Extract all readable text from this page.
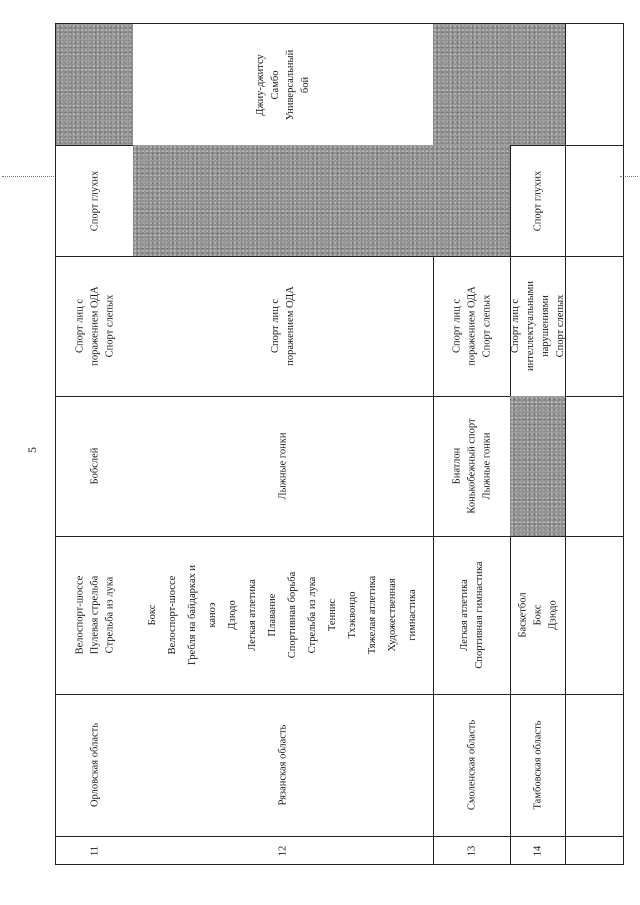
5
Спорт глухих
Спорт лиц с поражением ОДА Спорт слепых
Бобслей
Велоспорт-шоссе Пулевая стрельба Стрельба из лука
Орловская область
11
Джиу-джитсу Самбо Универсальный бой
Спорт лиц с поражением ОДА
Лыжные гонки
Бокс Велоспорт-шоссе Гребля на байдарках и каноэ Дзюдо Легкая атлетика Плавание Спортивная борьба Стрельба из лука Теннис Тхэквондо Тяжелая атлетика Художественная гимнастика
Рязанская область
12
Спорт лиц с поражением ОДА Спорт слепых
Биатлон Конькобежный спорт Лыжные гонки
Легкая атлетика Спортивная гимнастика
Смоленская область
13
Спорт глухих
Спорт лиц с интеллектуальными нарушениями Спорт слепых
Баскетбол Бокс Дзюдо
Тамбовская область
14
